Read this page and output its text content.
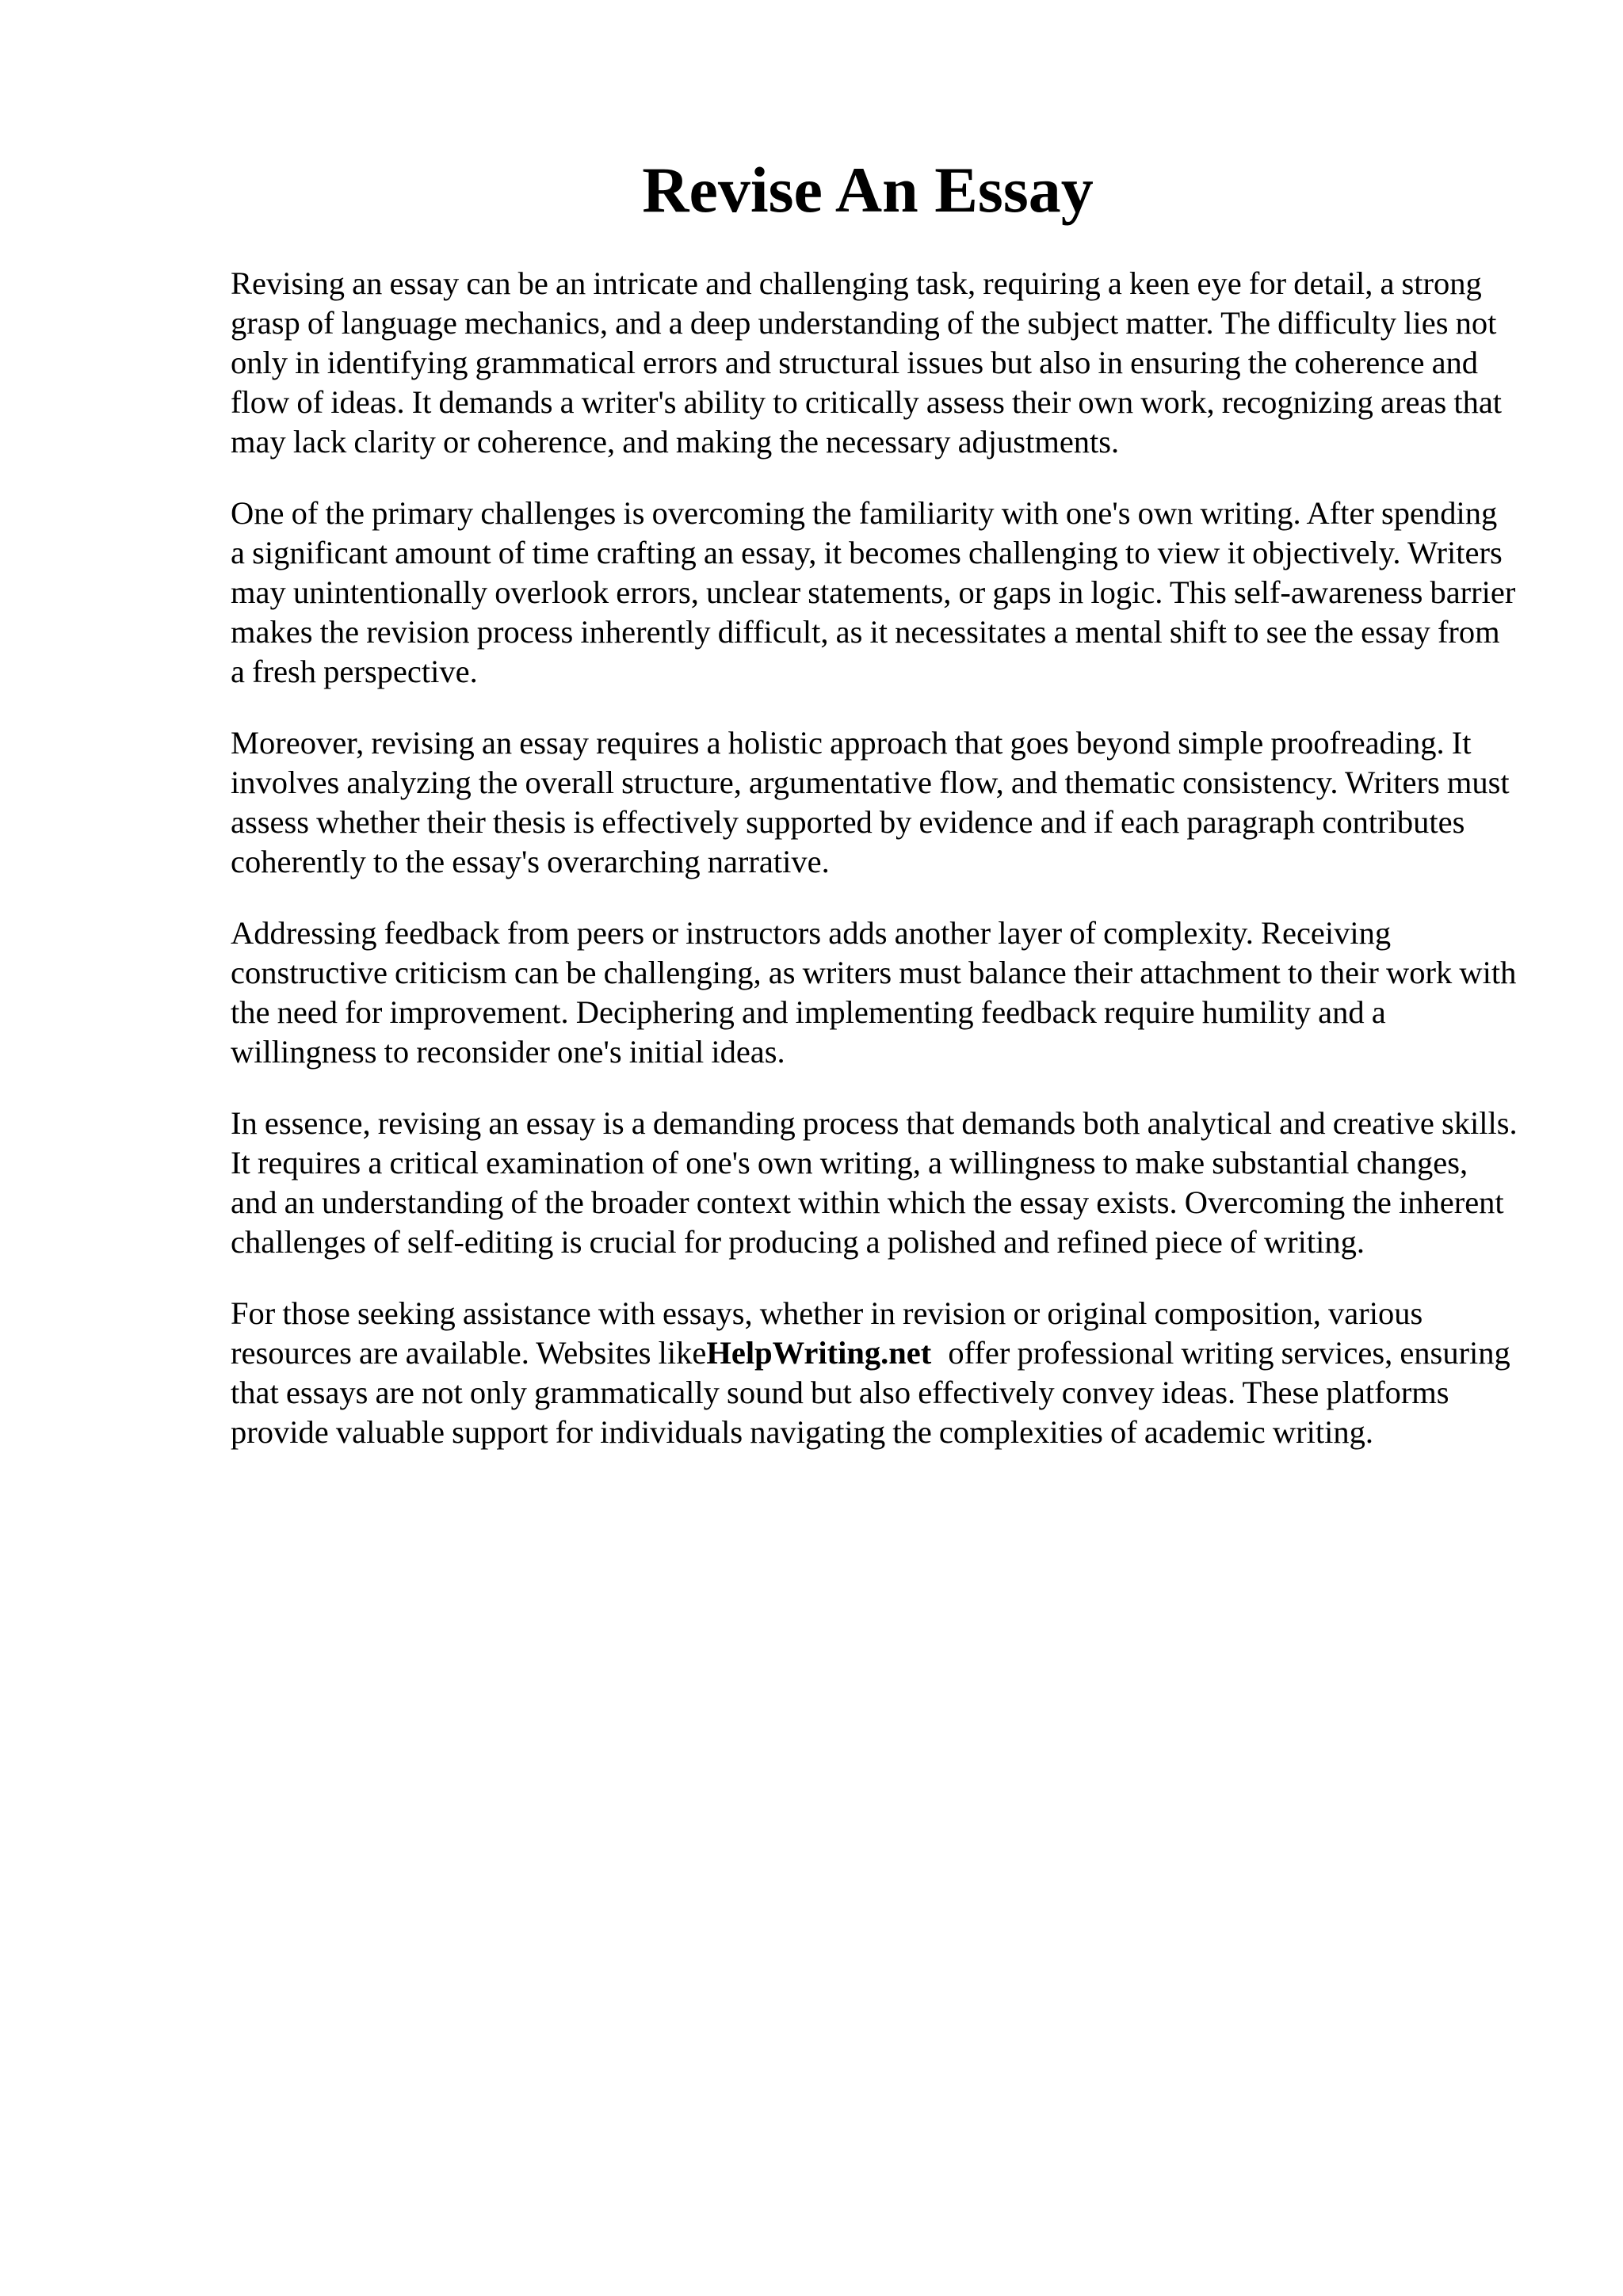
Revise An Essay

Revising an essay can be an intricate and challenging task, requiring a keen eye for detail, a strong grasp of language mechanics, and a deep understanding of the subject matter. The difficulty lies not only in identifying grammatical errors and structural issues but also in ensuring the coherence and flow of ideas. It demands a writer's ability to critically assess their own work, recognizing areas that may lack clarity or coherence, and making the necessary adjustments.

One of the primary challenges is overcoming the familiarity with one's own writing. After spending a significant amount of time crafting an essay, it becomes challenging to view it objectively. Writers may unintentionally overlook errors, unclear statements, or gaps in logic. This self-awareness barrier makes the revision process inherently difficult, as it necessitates a mental shift to see the essay from a fresh perspective.

Moreover, revising an essay requires a holistic approach that goes beyond simple proofreading. It involves analyzing the overall structure, argumentative flow, and thematic consistency. Writers must assess whether their thesis is effectively supported by evidence and if each paragraph contributes coherently to the essay's overarching narrative.

Addressing feedback from peers or instructors adds another layer of complexity. Receiving constructive criticism can be challenging, as writers must balance their attachment to their work with the need for improvement. Deciphering and implementing feedback require humility and a willingness to reconsider one's initial ideas.

In essence, revising an essay is a demanding process that demands both analytical and creative skills. It requires a critical examination of one's own writing, a willingness to make substantial changes, and an understanding of the broader context within which the essay exists. Overcoming the inherent challenges of self-editing is crucial for producing a polished and refined piece of writing.

For those seeking assistance with essays, whether in revision or original composition, various resources are available. Websites likeHelpWriting.net offer professional writing services, ensuring that essays are not only grammatically sound but also effectively convey ideas. These platforms provide valuable support for individuals navigating the complexities of academic writing.
